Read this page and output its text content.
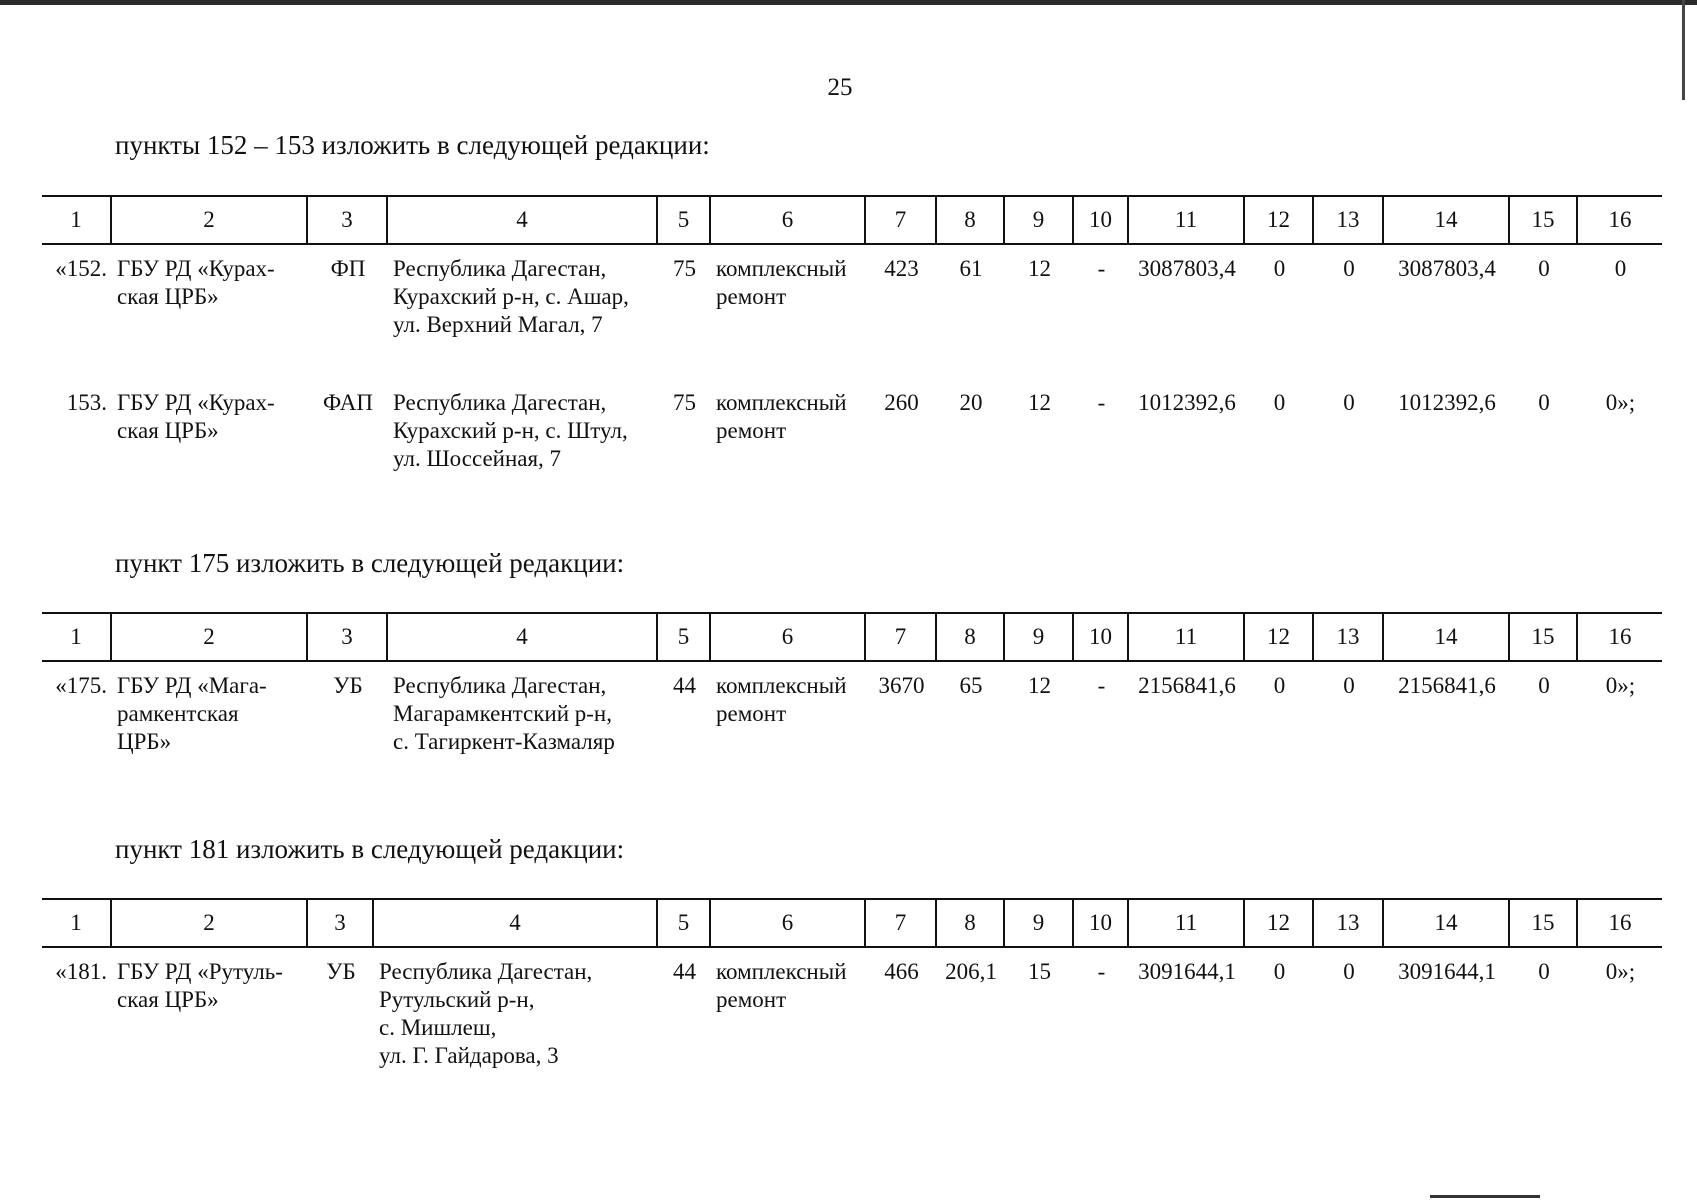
25
пункты 152 – 153 изложить в следующей редакции:
1	2	3	4	5	6	7	8	9	10	11	12	13	14	15	16
«152.	ГБУ РД «Курах-
ская ЦРБ»	ФП	Республика Дагестан,
Курахский р-н, с. Ашар,
ул. Верхний Магал, 7	75	комплексный
ремонт	423	61	12	-	3087803,4	0	0	3087803,4	0	0
153.	ГБУ РД «Курах-
ская ЦРБ»	ФАП	Республика Дагестан,
Курахский р-н, с. Штул,
ул. Шоссейная, 7	75	комплексный
ремонт	260	20	12	-	1012392,6	0	0	1012392,6	0	0»;
пункт 175 изложить в следующей редакции:
1	2	3	4	5	6	7	8	9	10	11	12	13	14	15	16
«175.	ГБУ РД «Мага-
рамкентская
ЦРБ»	УБ	Республика Дагестан,
Магарамкентский р-н,
с. Тагиркент-Казмаляр	44	комплексный
ремонт	3670	65	12	-	2156841,6	0	0	2156841,6	0	0»;
пункт 181 изложить в следующей редакции:
1	2	3	4	5	6	7	8	9	10	11	12	13	14	15	16
«181.	ГБУ РД «Рутуль-
ская ЦРБ»	УБ	Республика Дагестан,
Рутульский р-н,
с. Мишлеш,
ул. Г. Гайдарова, 3	44	комплексный
ремонт	466	206,1	15	-	3091644,1	0	0	3091644,1	0	0»;
